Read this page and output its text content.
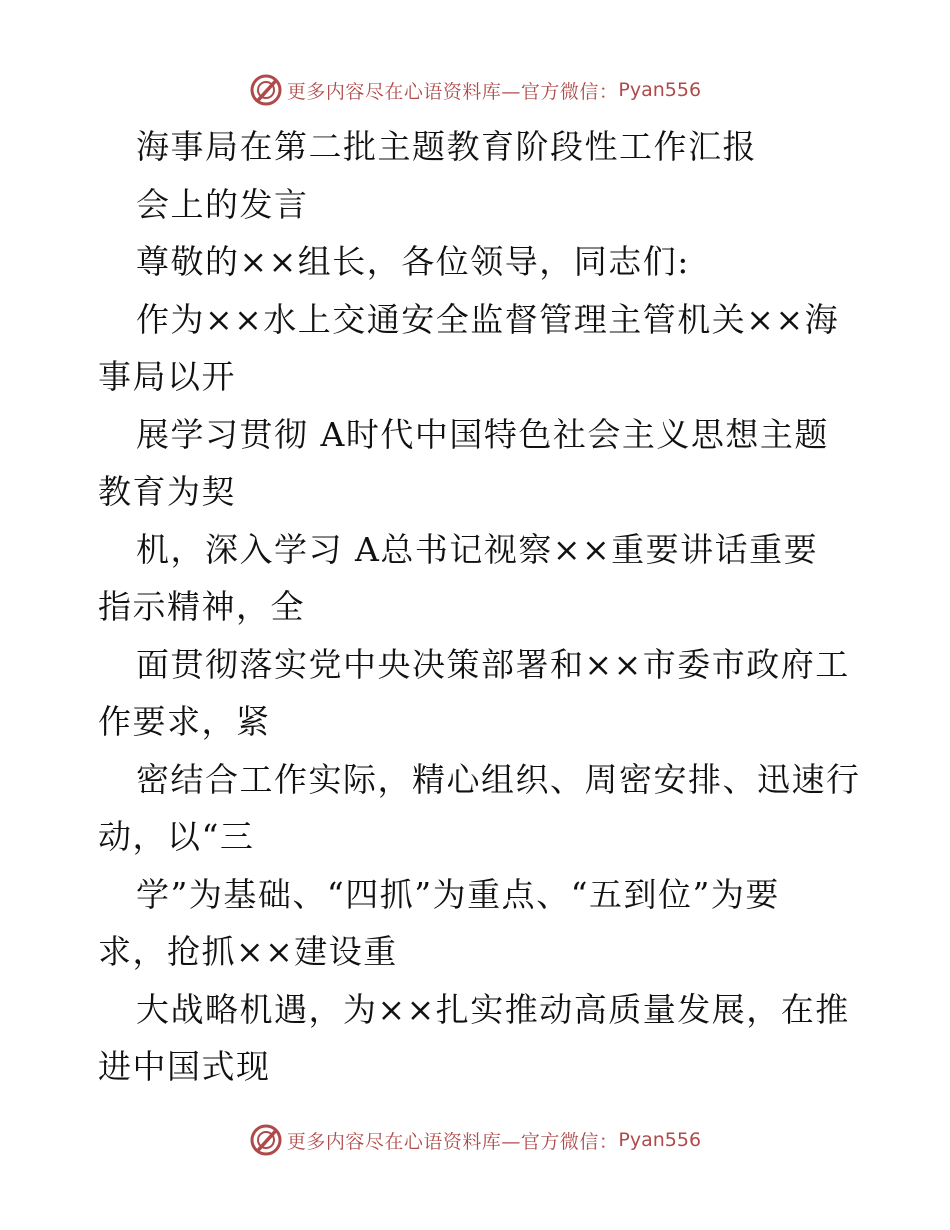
更多内容尽在心语资料库—官方微信： Pyan556
海事局在第二批主题教育阶段性工作汇报
会上的发言
尊敬的××组长，各位领导，同志们:
作为××水上交通安全监督管理主管机关××海
事局以开
展学习贯彻 A时代中国特色社会主义思想主题
教育为契
机，深入学习 A总书记视察××重要讲话重要
指示精神，全
面贯彻落实党中央决策部署和××市委市政府工
作要求，紧
密结合工作实际，精心组织、周密安排、迅速行
动，以“三
学”为基础、“四抓”为重点、“五到位”为要
求，抢抓××建设重
大战略机遇，为××扎实推动高质量发展，在推
进中国式现
更多内容尽在心语资料库—官方微信： Pyan556
